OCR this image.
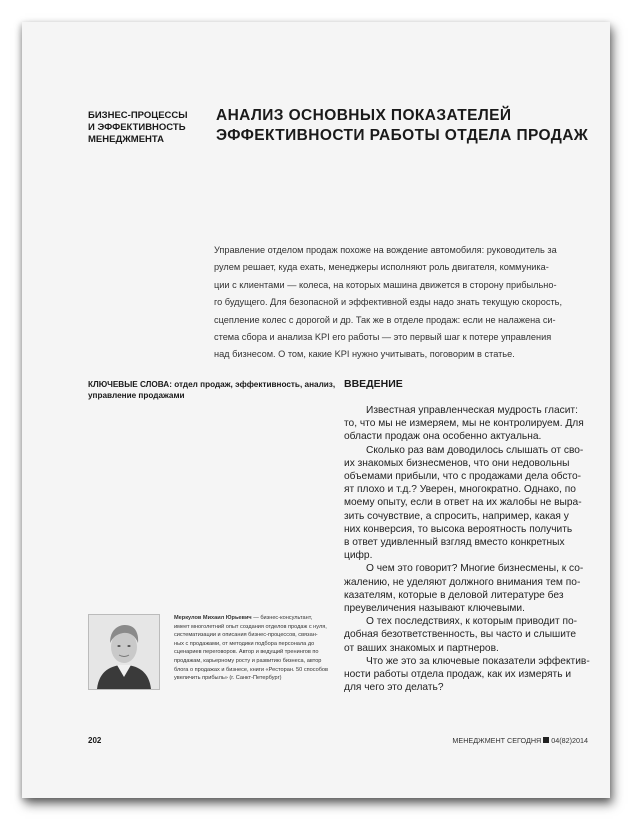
БИЗНЕС-ПРОЦЕССЫ
И ЭФФЕКТИВНОСТЬ
МЕНЕДЖМЕНТА
АНАЛИЗ ОСНОВНЫХ ПОКАЗАТЕЛЕЙ
ЭФФЕКТИВНОСТИ РАБОТЫ ОТДЕЛА ПРОДАЖ
Управление отделом продаж похоже на вождение автомобиля: руководитель за
рулем решает, куда ехать, менеджеры исполняют роль двигателя, коммуника-
ции с клиентами — колеса, на которых машина движется в сторону прибыльно-
го будущего. Для безопасной и эффективной езды надо знать текущую скорость,
сцепление колес с дорогой и др. Так же в отделе продаж: если не налажена си-
стема сбора и анализа KPI его работы — это первый шаг к потере управления
над бизнесом. О том, какие KPI нужно учитывать, поговорим в статье.
КЛЮЧЕВЫЕ СЛОВА: отдел продаж, эффективность, анализ,
управление продажами
ВВЕДЕНИЕ
Известная управленческая мудрость гласит:
то, что мы не измеряем, мы не контролируем. Для
области продаж она особенно актуальна.
Сколько раз вам доводилось слышать от сво-
их знакомых бизнесменов, что они недовольны
объемами прибыли, что с продажами дела обсто-
ят плохо и т.д.? Уверен, многократно. Однако, по
моему опыту, если в ответ на их жалобы не выра-
зить сочувствие, а спросить, например, какая у
них конверсия, то высока вероятность получить
в ответ удивленный взгляд вместо конкретных
цифр.
О чем это говорит? Многие бизнесмены, к со-
жалению, не уделяют должного внимания тем по-
казателям, которые в деловой литературе без
преувеличения называют ключевыми.
О тех последствиях, к которым приводит по-
добная безответственность, вы часто и слышите
от ваших знакомых и партнеров.
Что же это за ключевые показатели эффектив-
ности работы отдела продаж, как их измерять и
для чего это делать?
Меркулов Михаил Юрьевич — бизнес-консультант,
имеет многолетний опыт создания отделов продаж с нуля,
систематизации и описания бизнес-процессов, связан-
ных с продажами, от методики подбора персонала до
сценариев переговоров. Автор и ведущий тренингов по
продажам, карьерному росту и развитию бизнеса, автор
блога о продажах и бизнесе, книги «Ресторан. 50 способов
увеличить прибыль» (г. Санкт-Петербург)
202	МЕНЕДЖМЕНТ СЕГОДНЯ 04(82)2014
